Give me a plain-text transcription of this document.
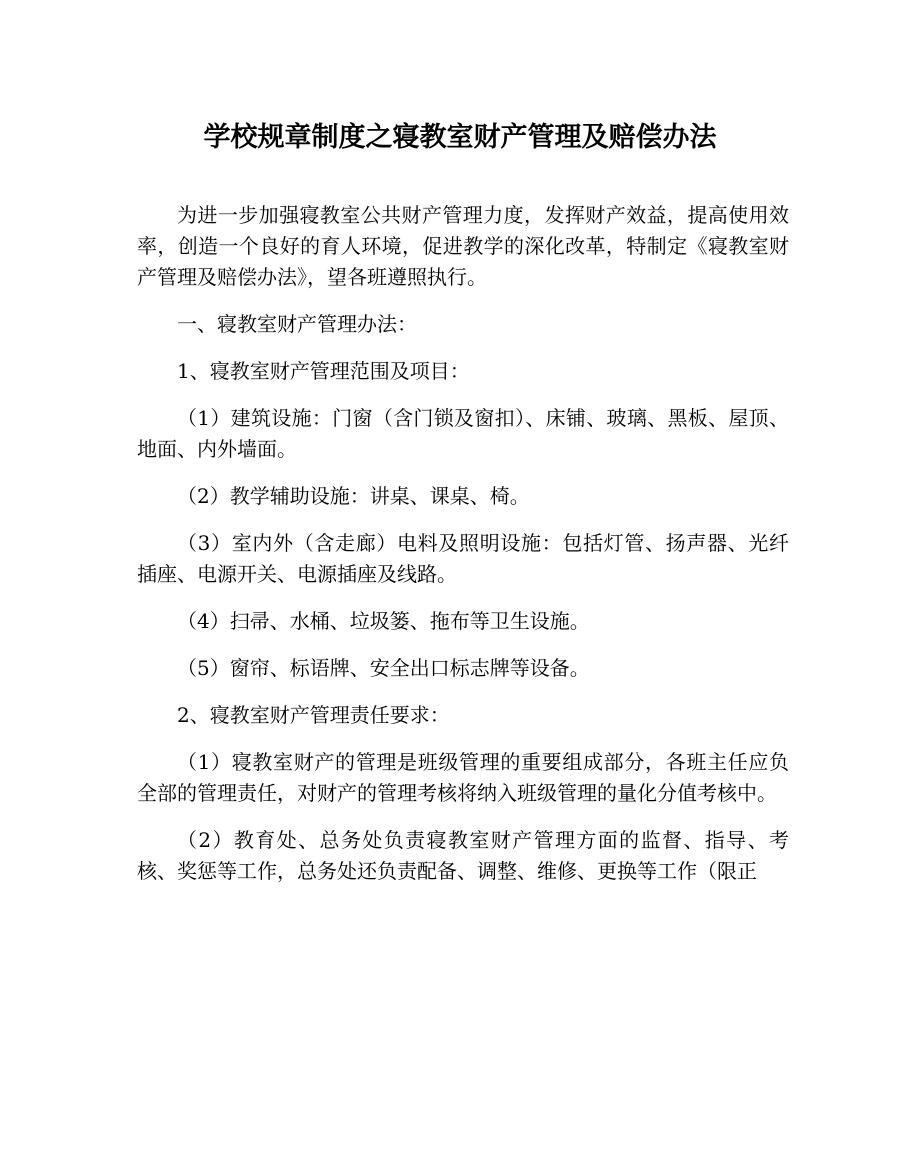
学校规章制度之寝教室财产管理及赔偿办法

为进一步加强寝教室公共财产管理力度，发挥财产效益，提高使用效率，创造一个良好的育人环境，促进教学的深化改革，特制定《寝教室财产管理及赔偿办法》，望各班遵照执行。

一、寝教室财产管理办法：

1、寝教室财产管理范围及项目：

（1）建筑设施：门窗（含门锁及窗扣）、床铺、玻璃、黑板、屋顶、地面、内外墙面。

（2）教学辅助设施：讲桌、课桌、椅。

（3）室内外（含走廊）电料及照明设施：包括灯管、扬声器、光纤插座、电源开关、电源插座及线路。

（4）扫帚、水桶、垃圾篓、拖布等卫生设施。

（5）窗帘、标语牌、安全出口标志牌等设备。

2、寝教室财产管理责任要求：

（1）寝教室财产的管理是班级管理的重要组成部分，各班主任应负全部的管理责任，对财产的管理考核将纳入班级管理的量化分值考核中。

（2）教育处、总务处负责寝教室财产管理方面的监督、指导、考核、奖惩等工作，总务处还负责配备、调整、维修、更换等工作（限正
